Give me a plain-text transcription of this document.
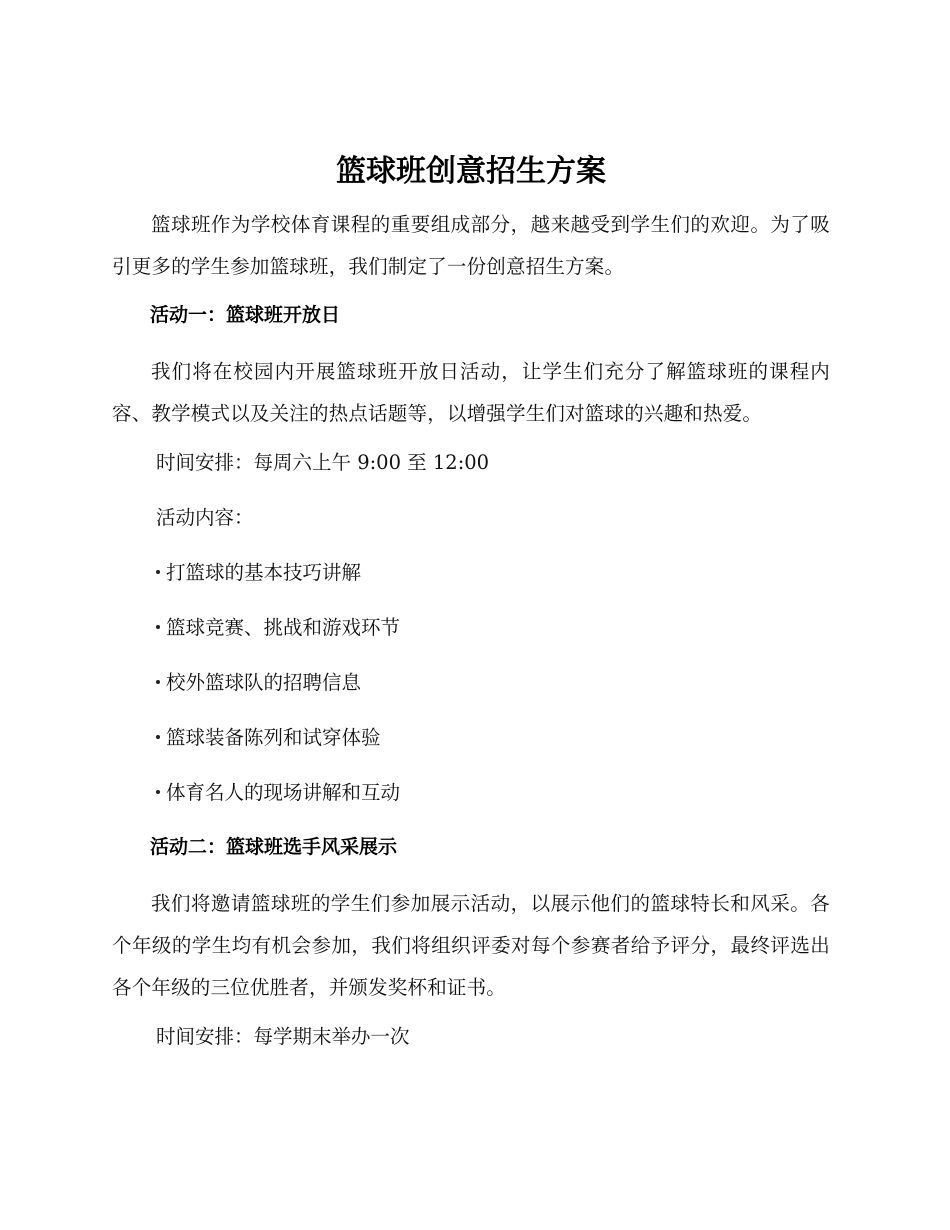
篮球班创意招生方案

篮球班作为学校体育课程的重要组成部分，越来越受到学生们的欢迎。为了吸引更多的学生参加篮球班，我们制定了一份创意招生方案。

活动一：篮球班开放日

我们将在校园内开展篮球班开放日活动，让学生们充分了解篮球班的课程内容、教学模式以及关注的热点话题等，以增强学生们对篮球的兴趣和热爱。

时间安排：每周六上午 9:00 至 12:00

活动内容：

打篮球的基本技巧讲解

篮球竞赛、挑战和游戏环节

校外篮球队的招聘信息

篮球装备陈列和试穿体验

体育名人的现场讲解和互动

活动二：篮球班选手风采展示

我们将邀请篮球班的学生们参加展示活动，以展示他们的篮球特长和风采。各个年级的学生均有机会参加，我们将组织评委对每个参赛者给予评分，最终评选出各个年级的三位优胜者，并颁发奖杯和证书。

时间安排：每学期末举办一次
